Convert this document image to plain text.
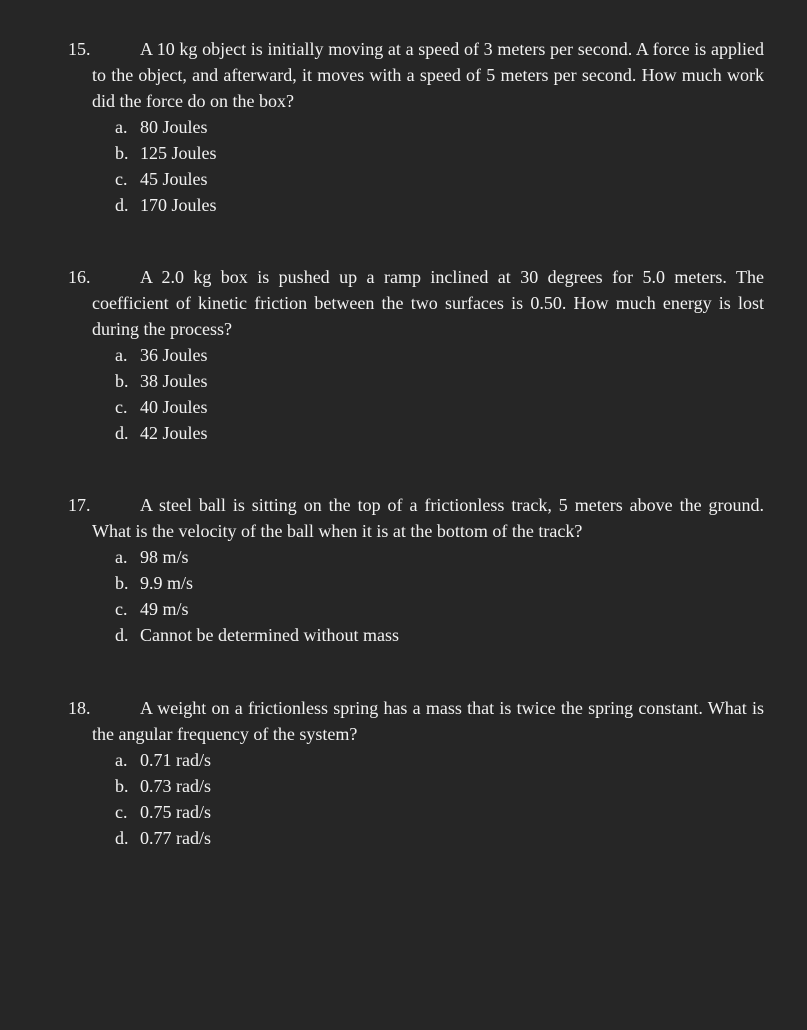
15.	A 10 kg object is initially moving at a speed of 3 meters per second. A force is applied to the object, and afterward, it moves with a speed of 5 meters per second. How much work did the force do on the box?
a. 80 Joules
b. 125 Joules
c. 45 Joules
d. 170 Joules
16.	A 2.0 kg box is pushed up a ramp inclined at 30 degrees for 5.0 meters. The coefficient of kinetic friction between the two surfaces is 0.50. How much energy is lost during the process?
a. 36 Joules
b. 38 Joules
c. 40 Joules
d. 42 Joules
17.	A steel ball is sitting on the top of a frictionless track, 5 meters above the ground. What is the velocity of the ball when it is at the bottom of the track?
a. 98 m/s
b. 9.9 m/s
c. 49 m/s
d. Cannot be determined without mass
18.	A weight on a frictionless spring has a mass that is twice the spring constant. What is the angular frequency of the system?
a. 0.71 rad/s
b. 0.73 rad/s
c. 0.75 rad/s
d. 0.77 rad/s
